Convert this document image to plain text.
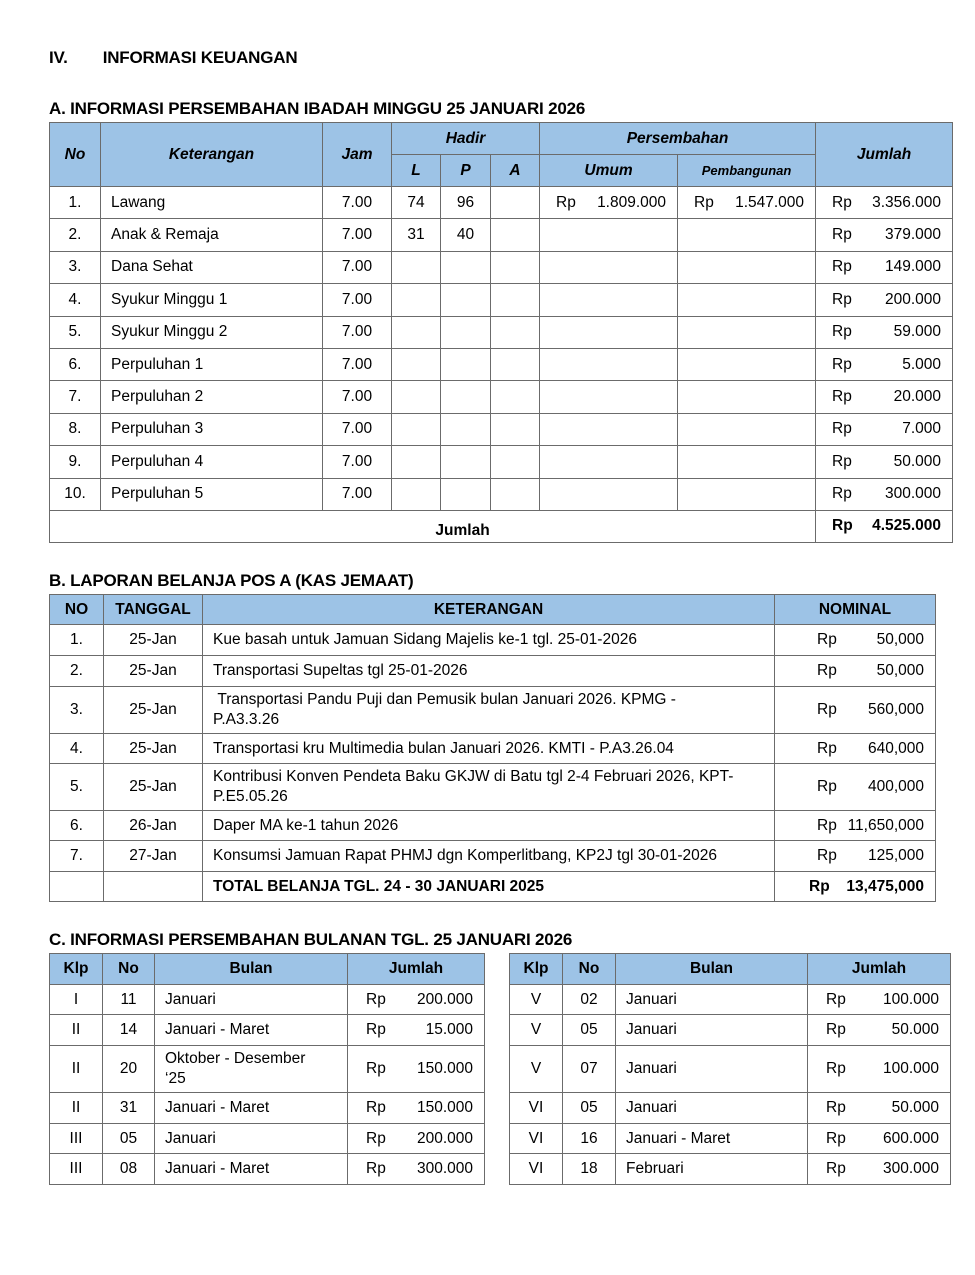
IV. INFORMASI KEUANGAN
A. INFORMASI PERSEMBAHAN IBADAH MINGGU 25 JANUARI 2026
No	Keterangan	Jam	Hadir			Persembahan		Jumlah
			L	P	A	Umum	Pembangunan	
1.	Lawang	7.00	74	96		Rp 1.809.000	Rp 1.547.000	Rp 3.356.000

2.	Anak & Remaja	7.00	31	40				Rp 379.000

3.	Dana Sehat	7.00						Rp 149.000

4.	Syukur Minggu 1	7.00						Rp 200.000

5.	Syukur Minggu 2	7.00						Rp 59.000

6.	Perpuluhan 1	7.00						Rp 5.000

7.	Perpuluhan 2	7.00						Rp 20.000

8.	Perpuluhan 3	7.00						Rp 7.000

9.	Perpuluhan 4	7.00						Rp 50.000

10.	Perpuluhan 5	7.00						Rp 300.000

Jumlah								Rp 4.525.000
B. LAPORAN BELANJA POS A (KAS JEMAAT)
NO	TANGGAL	KETERANGAN	NOMINAL
1.	25-Jan	Kue basah untuk Jamuan Sidang Majelis ke-1 tgl. 25-01-2026	Rp 50,000

2.	25-Jan	Transportasi Supeltas tgl 25-01-2026	Rp 50,000

3.	25-Jan	Transportasi Pandu Puji dan Pemusik bulan Januari 2026. KPMG - P.A3.3.26	Rp 560,000

4.	25-Jan	Transportasi kru Multimedia bulan Januari 2026. KMTI - P.A3.26.04	Rp 640,000

5.	25-Jan	Kontribusi Konven Pendeta Baku GKJW di Batu tgl 2-4 Februari 2026, KPT-P.E5.05.26	Rp 400,000

6.	26-Jan	Daper MA ke-1 tahun 2026	Rp 11,650,000

7.	27-Jan	Konsumsi Jamuan Rapat PHMJ dgn Komperlitbang, KP2J tgl 30-01-2026	Rp 125,000

		TOTAL BELANJA TGL. 24 - 30 JANUARI 2025	Rp 13,475,000
C. INFORMASI PERSEMBAHAN BULANAN TGL. 25 JANUARI 2026
Klp	No	Bulan	Jumlah
I	11	Januari	Rp 200.000

II	14	Januari - Maret	Rp 15.000

II	20	Oktober - Desember ‘25	Rp 150.000

II	31	Januari - Maret	Rp 150.000

III	05	Januari	Rp 200.000

III	08	Januari - Maret	Rp 300.000
Klp	No	Bulan	Jumlah
V	02	Januari	Rp 100.000

V	05	Januari	Rp 50.000

V	07	Januari	Rp 100.000

VI	05	Januari	Rp 50.000

VI	16	Januari - Maret	Rp 600.000

VI	18	Februari	Rp 300.000
